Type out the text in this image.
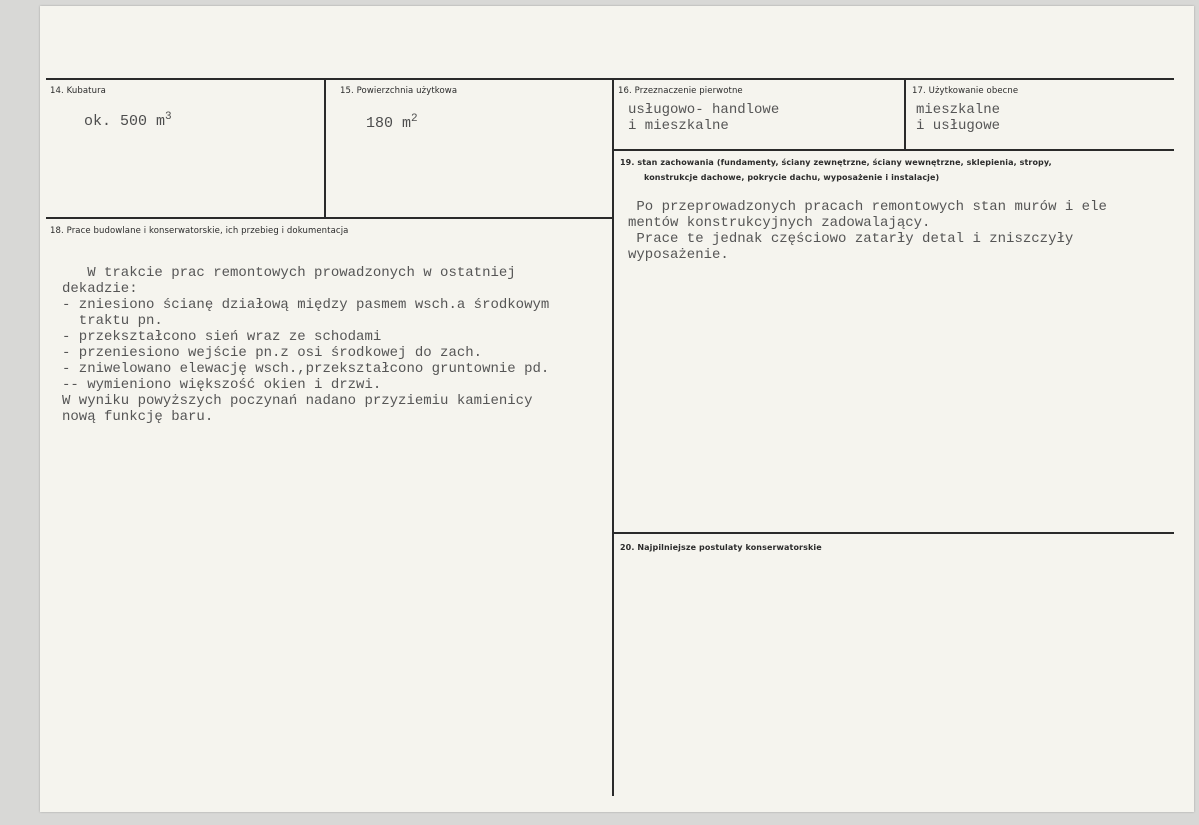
14. Kubatura
ok. 500 $m^3$
15. Powierzchnia użytkowa
180 $m^2$
16. Przeznaczenie pierwotne
usługowo- handlowe
i mieszkalne
17. Użytkowanie obecne
mieszkalne
i usługowe
19. stan zachowania (fundamenty, ściany zewnętrzne, ściany wewnętrzne, sklepienia, stropy,
konstrukcje dachowe, pokrycie dachu, wyposażenie i instalacje)
Po przeprowadzonych pracach remontowych stan murów i ele
mentów konstrukcyjnych zadowalający.
Prace te jednak częściowo zatarły detal i zniszczyły
wyposażenie.
18. Prace budowlane i konserwatorskie, ich przebieg i dokumentacja
W trakcie prac remontowych prowadzonych w ostatniej
dekadzie:
- zniesiono ścianę działową między pasmem wsch.a środkowym
traktu pn.
- przekształcono sień wraz ze schodami
- przeniesiono wejście pn.z osi środkowej do zach.
- zniwelowano elewację wsch.,przekształcono gruntownie pd.
-- wymieniono większość okien i drzwi.
W wyniku powyższych poczynań nadano przyziemiu kamienicy
nową funkcję baru.
20. Najpilniejsze postulaty konserwatorskie
